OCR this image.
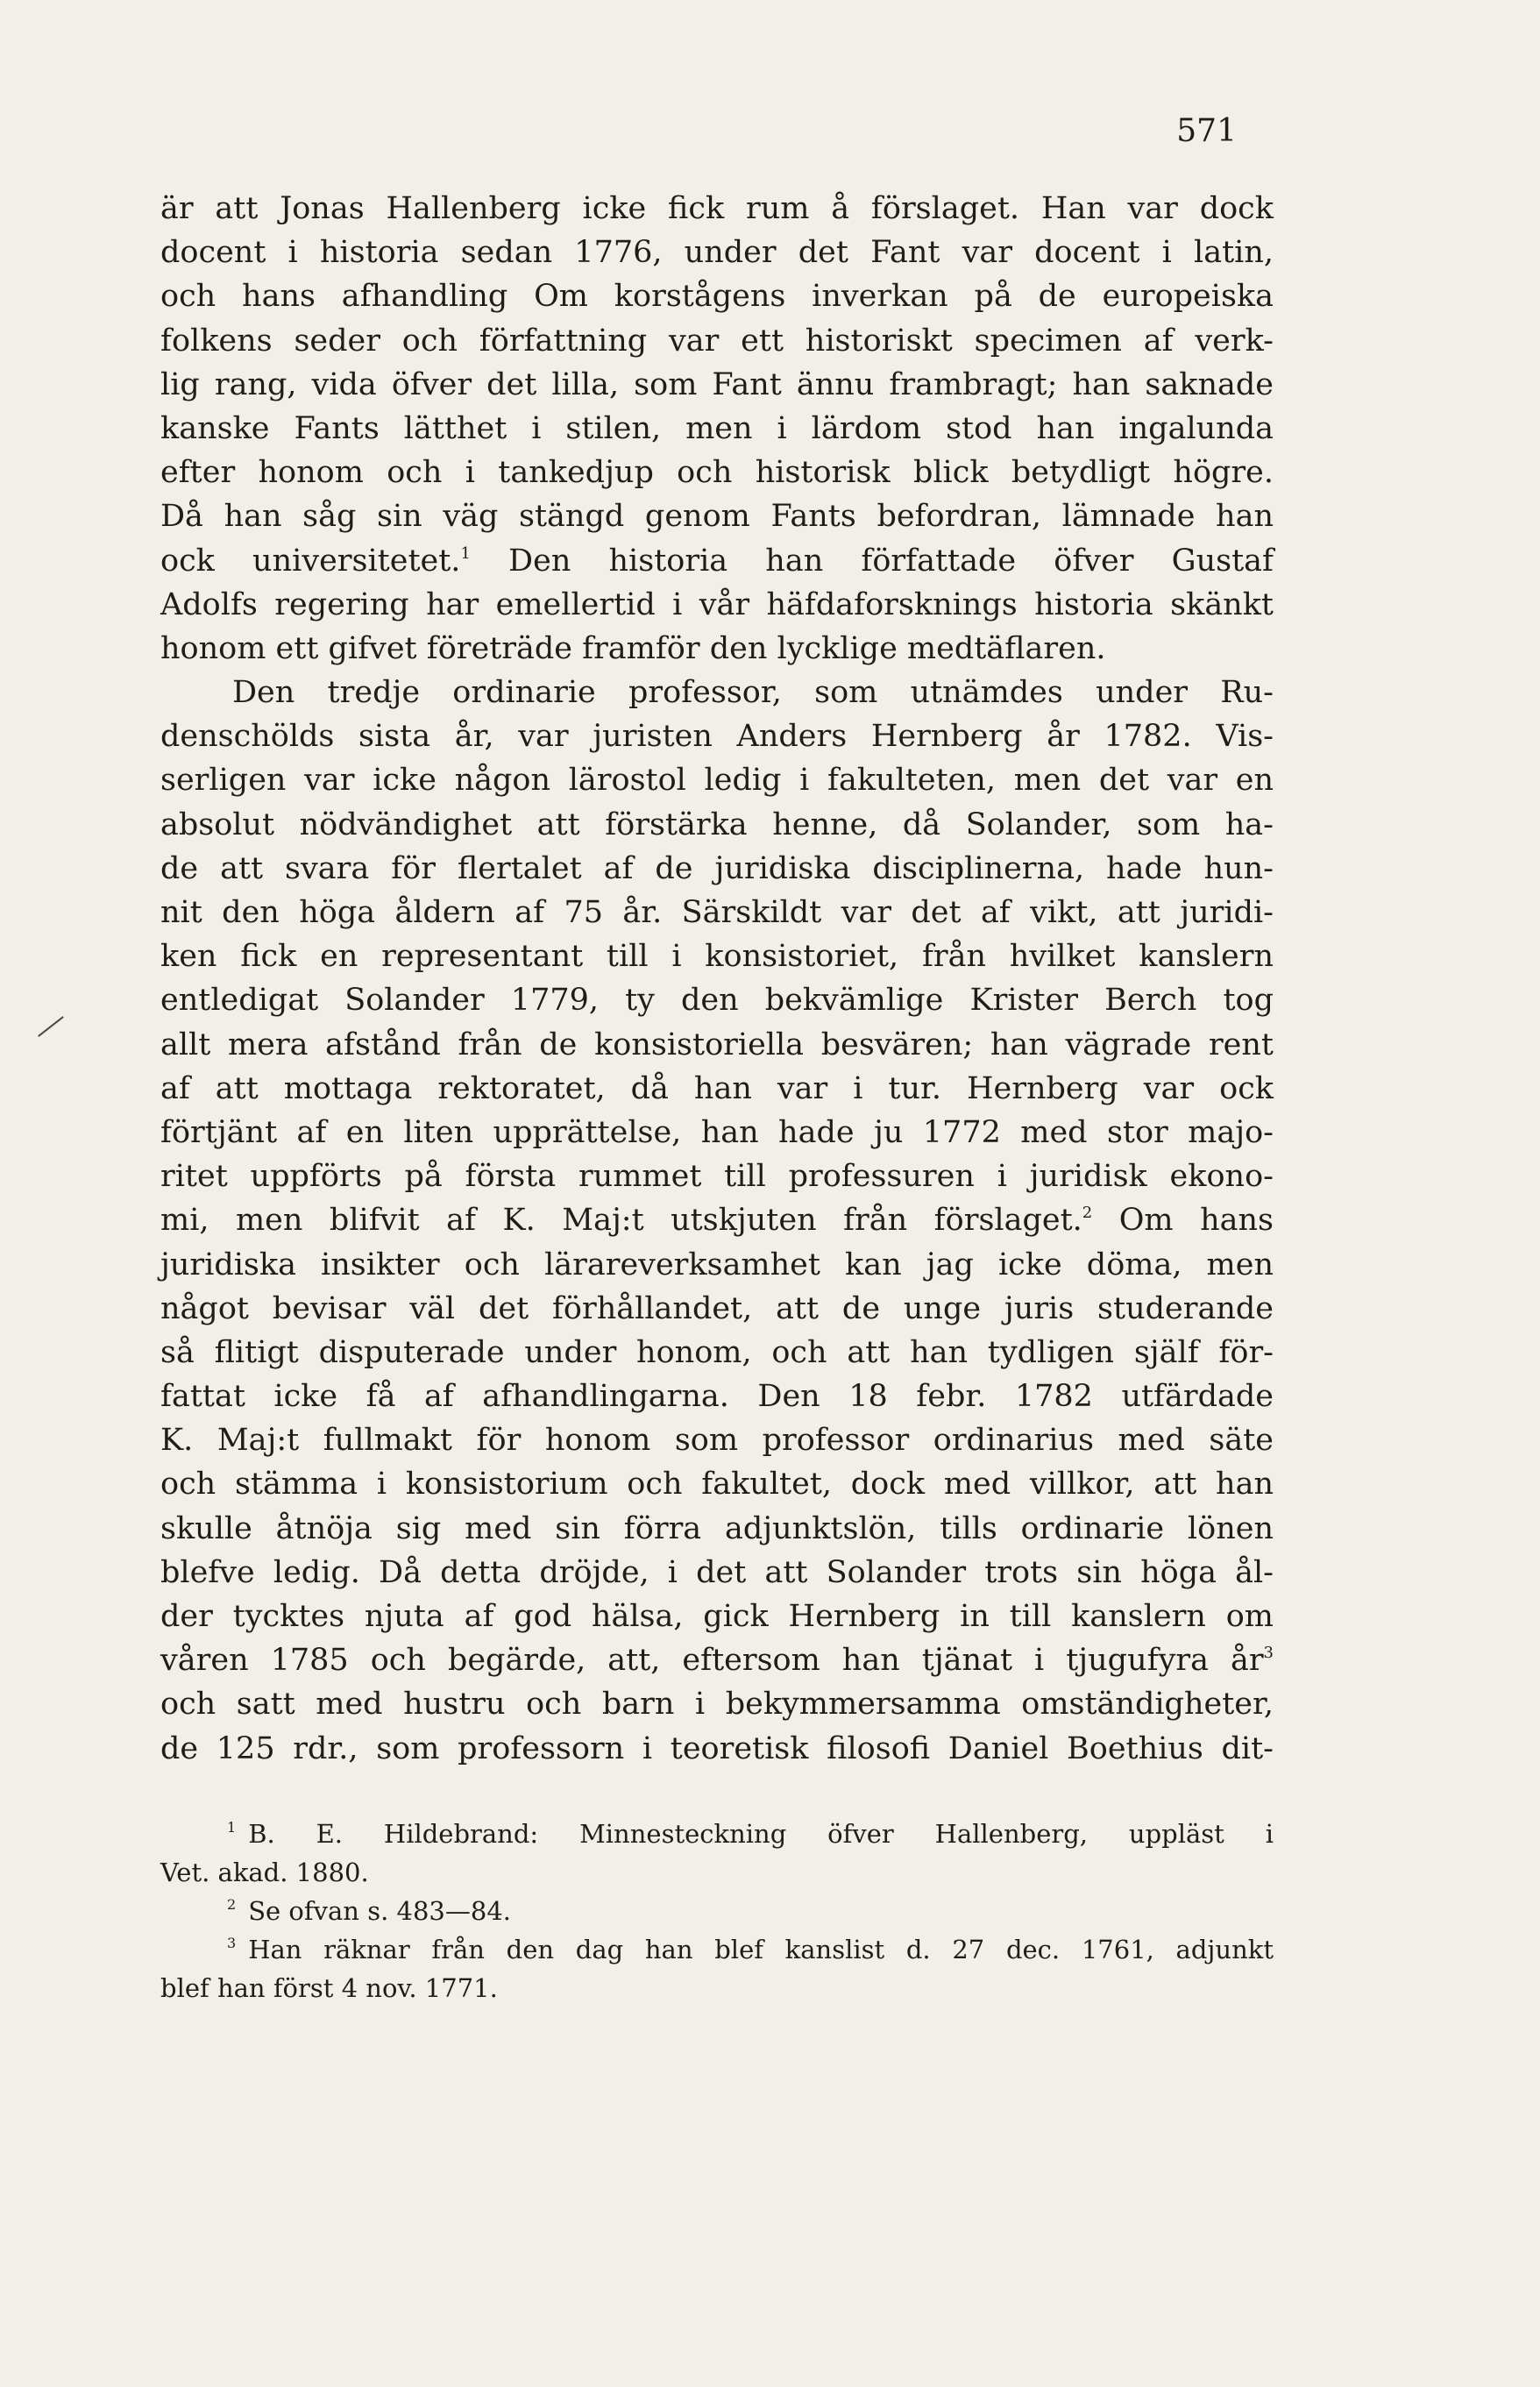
571
är att Jonas Hallenberg icke fick rum å förslaget. Han var dock
docent i historia sedan 1776, under det Fant var docent i latin,
och hans afhandling Om korstågens inverkan på de europeiska
folkens seder och författning var ett historiskt specimen af verk-
lig rang, vida öfver det lilla, som Fant ännu frambragt; han saknade
kanske Fants lätthet i stilen, men i lärdom stod han ingalunda
efter honom och i tankedjup och historisk blick betydligt högre.
Då han såg sin väg stängd genom Fants befordran, lämnade han
ock universitetet.$^1$ Den historia han författade öfver Gustaf
Adolfs regering har emellertid i vår häfdaforsknings historia skänkt
honom ett gifvet företräde framför den lycklige medtäflaren.
Den tredje ordinarie professor, som utnämdes under Ru-
denschölds sista år, var juristen Anders Hernberg år 1782. Vis-
serligen var icke någon lärostol ledig i fakulteten, men det var en
absolut nödvändighet att förstärka henne, då Solander, som ha-
de att svara för flertalet af de juridiska disciplinerna, hade hun-
nit den höga åldern af 75 år. Särskildt var det af vikt, att juridi-
ken fick en representant till i konsistoriet, från hvilket kanslern
entledigat Solander 1779, ty den bekvämlige Krister Berch tog
allt mera afstånd från de konsistoriella besvären; han vägrade rent
af att mottaga rektoratet, då han var i tur. Hernberg var ock
förtjänt af en liten upprättelse, han hade ju 1772 med stor majo-
ritet uppförts på första rummet till professuren i juridisk ekono-
mi, men blifvit af K. Maj:t utskjuten från förslaget.$^2$ Om hans
juridiska insikter och lärareverksamhet kan jag icke döma, men
något bevisar väl det förhållandet, att de unge juris studerande
så flitigt disputerade under honom, och att han tydligen själf för-
fattat icke få af afhandlingarna. Den 18 febr. 1782 utfärdade
K. Maj:t fullmakt för honom som professor ordinarius med säte
och stämma i konsistorium och fakultet, dock med villkor, att han
skulle åtnöja sig med sin förra adjunktslön, tills ordinarie lönen
blefve ledig. Då detta dröjde, i det att Solander trots sin höga ål-
der tycktes njuta af god hälsa, gick Hernberg in till kanslern om
våren 1785 och begärde, att, eftersom han tjänat i tjugufyra $år^3$
och satt med hustru och barn i bekymmersamma omständigheter,
de 125 rdr., som professorn i teoretisk filosofi Daniel Boethius dit-
$^1$ B. E. Hildebrand: Minnesteckning öfver Hallenberg, uppläst i
Vet. akad. 1880.
$^2$ Se ofvan s. 483—84.
$^3$ Han räknar från den dag han blef kanslist d. 27 dec. 1761, adjunkt
blef han först 4 nov. 1771.
